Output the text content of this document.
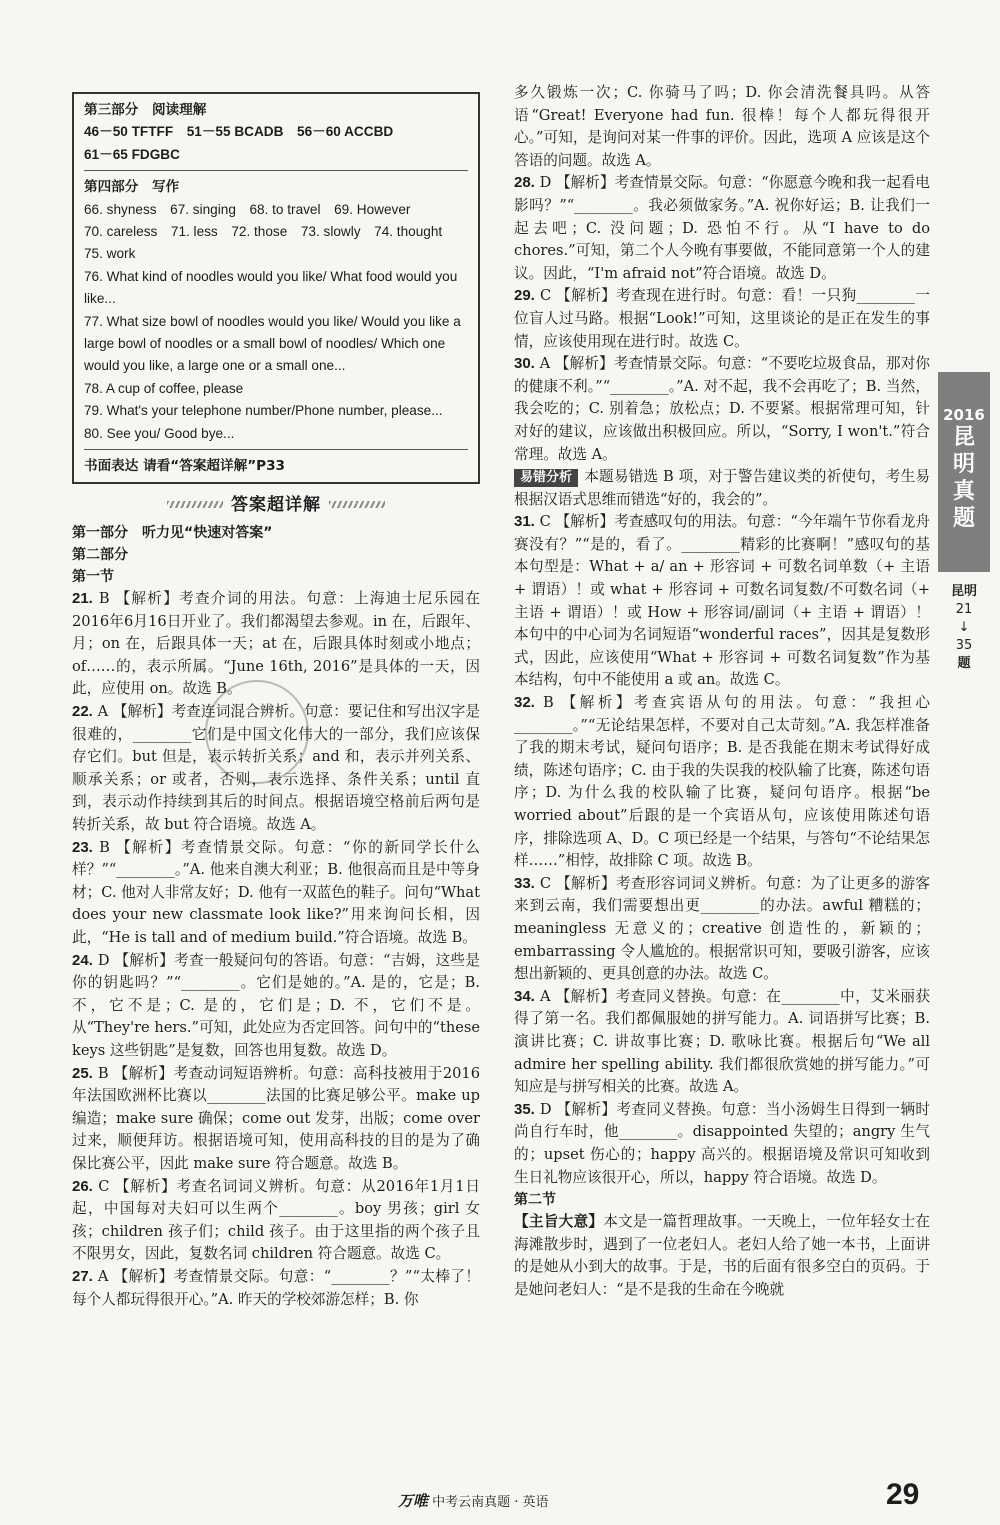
第三部分　阅读理解
46－50 TFTFF　51－55 BCADB　56－60 ACCBD
61－65 FDGBC
第四部分　写作
66. shyness　67. singing　68. to travel　69. However
70. careless　71. less　72. those　73. slowly　74. thought
75. work
76. What kind of noodles would you like/ What food would you like...
77. What size bowl of noodles would you like/ Would you like a large bowl of noodles or a small bowl of noodles/ Which one would you like, a large one or a small one...
78. A cup of coffee, please
79. What's your telephone number/Phone number, please...
80. See you/ Good bye...
书面表达 请看“答案超详解”P33
答案超详解
第一部分　听力见“快速对答案”
第二部分
第一节
21. B 【解析】考查介词的用法。句意：上海迪士尼乐园在2016年6月16日开业了。我们都渴望去参观。in 在，后跟年、月；on 在，后跟具体一天；at 在，后跟具体时刻或小地点；of……的，表示所属。“June 16th, 2016”是具体的一天，因此，应使用 on。故选 B。
22. A 【解析】考查连词混合辨析。句意：要记住和写出汉字是很难的，________它们是中国文化伟大的一部分，我们应该保存它们。but 但是，表示转折关系；and 和，表示并列关系、顺承关系；or 或者，否则，表示选择、条件关系；until 直到，表示动作持续到其后的时间点。根据语境空格前后两句是转折关系，故 but 符合语境。故选 A。
23. B 【解析】考查情景交际。句意：“你的新同学长什么样？”“________。”A. 他来自澳大利亚；B. 他很高而且是中等身材；C. 他对人非常友好；D. 他有一双蓝色的鞋子。问句“What does your new classmate look like?”用来询问长相，因此，“He is tall and of medium build.”符合语境。故选 B。
24. D 【解析】考查一般疑问句的答语。句意：“吉姆，这些是你的钥匙吗？”“________。它们是她的。”A. 是的，它是；B. 不，它不是；C. 是的，它们是；D. 不，它们不是。从“They're hers.”可知，此处应为否定回答。问句中的“these keys 这些钥匙”是复数，回答也用复数。故选 D。
25. B 【解析】考查动词短语辨析。句意：高科技被用于2016年法国欧洲杯比赛以________法国的比赛足够公平。make up 编造；make sure 确保；come out 发芽，出版；come over 过来，顺便拜访。根据语境可知，使用高科技的目的是为了确保比赛公平，因此 make sure 符合题意。故选 B。
26. C 【解析】考查名词词义辨析。句意：从2016年1月1日起，中国每对夫妇可以生两个________。boy 男孩；girl 女孩；children 孩子们；child 孩子。由于这里指的两个孩子且不限男女，因此，复数名词 children 符合题意。故选 C。
27. A 【解析】考查情景交际。句意：“________？”“太棒了！每个人都玩得很开心。”A. 昨天的学校郊游怎样；B. 你
多久锻炼一次；C. 你骑马了吗；D. 你会清洗餐具吗。从答语“Great! Everyone had fun. 很棒！每个人都玩得很开心。”可知，是询问对某一件事的评价。因此，选项 A 应该是这个答语的问题。故选 A。
28. D 【解析】考查情景交际。句意：“你愿意今晚和我一起看电影吗？”“________。我必须做家务。”A. 祝你好运；B. 让我们一起去吧；C. 没问题；D. 恐怕不行。从“I have to do chores.”可知，第二个人今晚有事要做，不能同意第一个人的建议。因此，“I'm afraid not”符合语境。故选 D。
29. C 【解析】考查现在进行时。句意：看！一只狗________一位盲人过马路。根据“Look!”可知，这里谈论的是正在发生的事情，应该使用现在进行时。故选 C。
30. A 【解析】考查情景交际。句意：“不要吃垃圾食品，那对你的健康不利。”“________。”A. 对不起，我不会再吃了；B. 当然，我会吃的；C. 别着急；放松点；D. 不要紧。根据常理可知，针对好的建议，应该做出积极回应。所以，“Sorry, I won't.”符合常理。故选 A。
易错分析 本题易错选 B 项，对于警告建议类的祈使句，考生易根据汉语式思维而错选“好的，我会的”。
31. C 【解析】考查感叹句的用法。句意：“今年端午节你看龙舟赛没有？”“是的，看了。________精彩的比赛啊！”感叹句的基本句型是：What + a/ an + 形容词 + 可数名词单数（+ 主语 + 谓语）！或 what + 形容词 + 可数名词复数/不可数名词（+ 主语 + 谓语）！或 How + 形容词/副词（+ 主语 + 谓语）！本句中的中心词为名词短语“wonderful races”，因其是复数形式，因此，应该使用“What + 形容词 + 可数名词复数”作为基本结构，句中不能使用 a 或 an。故选 C。
32. B 【解析】考查宾语从句的用法。句意：“我担心________。”“无论结果怎样，不要对自己太苛刻。”A. 我怎样准备了我的期末考试，疑问句语序；B. 是否我能在期末考试得好成绩，陈述句语序；C. 由于我的失误我的校队输了比赛，陈述句语序；D. 为什么我的校队输了比赛，疑问句语序。根据“be worried about”后跟的是一个宾语从句，应该使用陈述句语序，排除选项 A、D。C 项已经是一个结果，与答句“不论结果怎样……”相悖，故排除 C 项。故选 B。
33. C 【解析】考查形容词词义辨析。句意：为了让更多的游客来到云南，我们需要想出更________的办法。awful 糟糕的；meaningless 无意义的；creative 创造性的，新颖的；embarrassing 令人尴尬的。根据常识可知，要吸引游客，应该想出新颖的、更具创意的办法。故选 C。
34. A 【解析】考查同义替换。句意：在________中，艾米丽获得了第一名。我们都佩服她的拼写能力。A. 词语拼写比赛；B. 演讲比赛；C. 讲故事比赛；D. 歌咏比赛。根据后句“We all admire her spelling ability. 我们都很欣赏她的拼写能力。”可知应是与拼写相关的比赛。故选 A。
35. D 【解析】考查同义替换。句意：当小汤姆生日得到一辆时尚自行车时，他________。disappointed 失望的；angry 生气的；upset 伤心的；happy 高兴的。根据语境及常识可知收到生日礼物应该很开心，所以，happy 符合语境。故选 D。
第二节
【主旨大意】本文是一篇哲理故事。一天晚上，一位年轻女士在海滩散步时，遇到了一位老妇人。老妇人给了她一本书，上面讲的是她从小到大的故事。于是，书的后面有很多空白的页码。于是她问老妇人：“是不是我的生命在今晚就
2016
昆
明
真
题
昆明
21
↓
35
题
万唯 中考云南真题 · 英语	29
